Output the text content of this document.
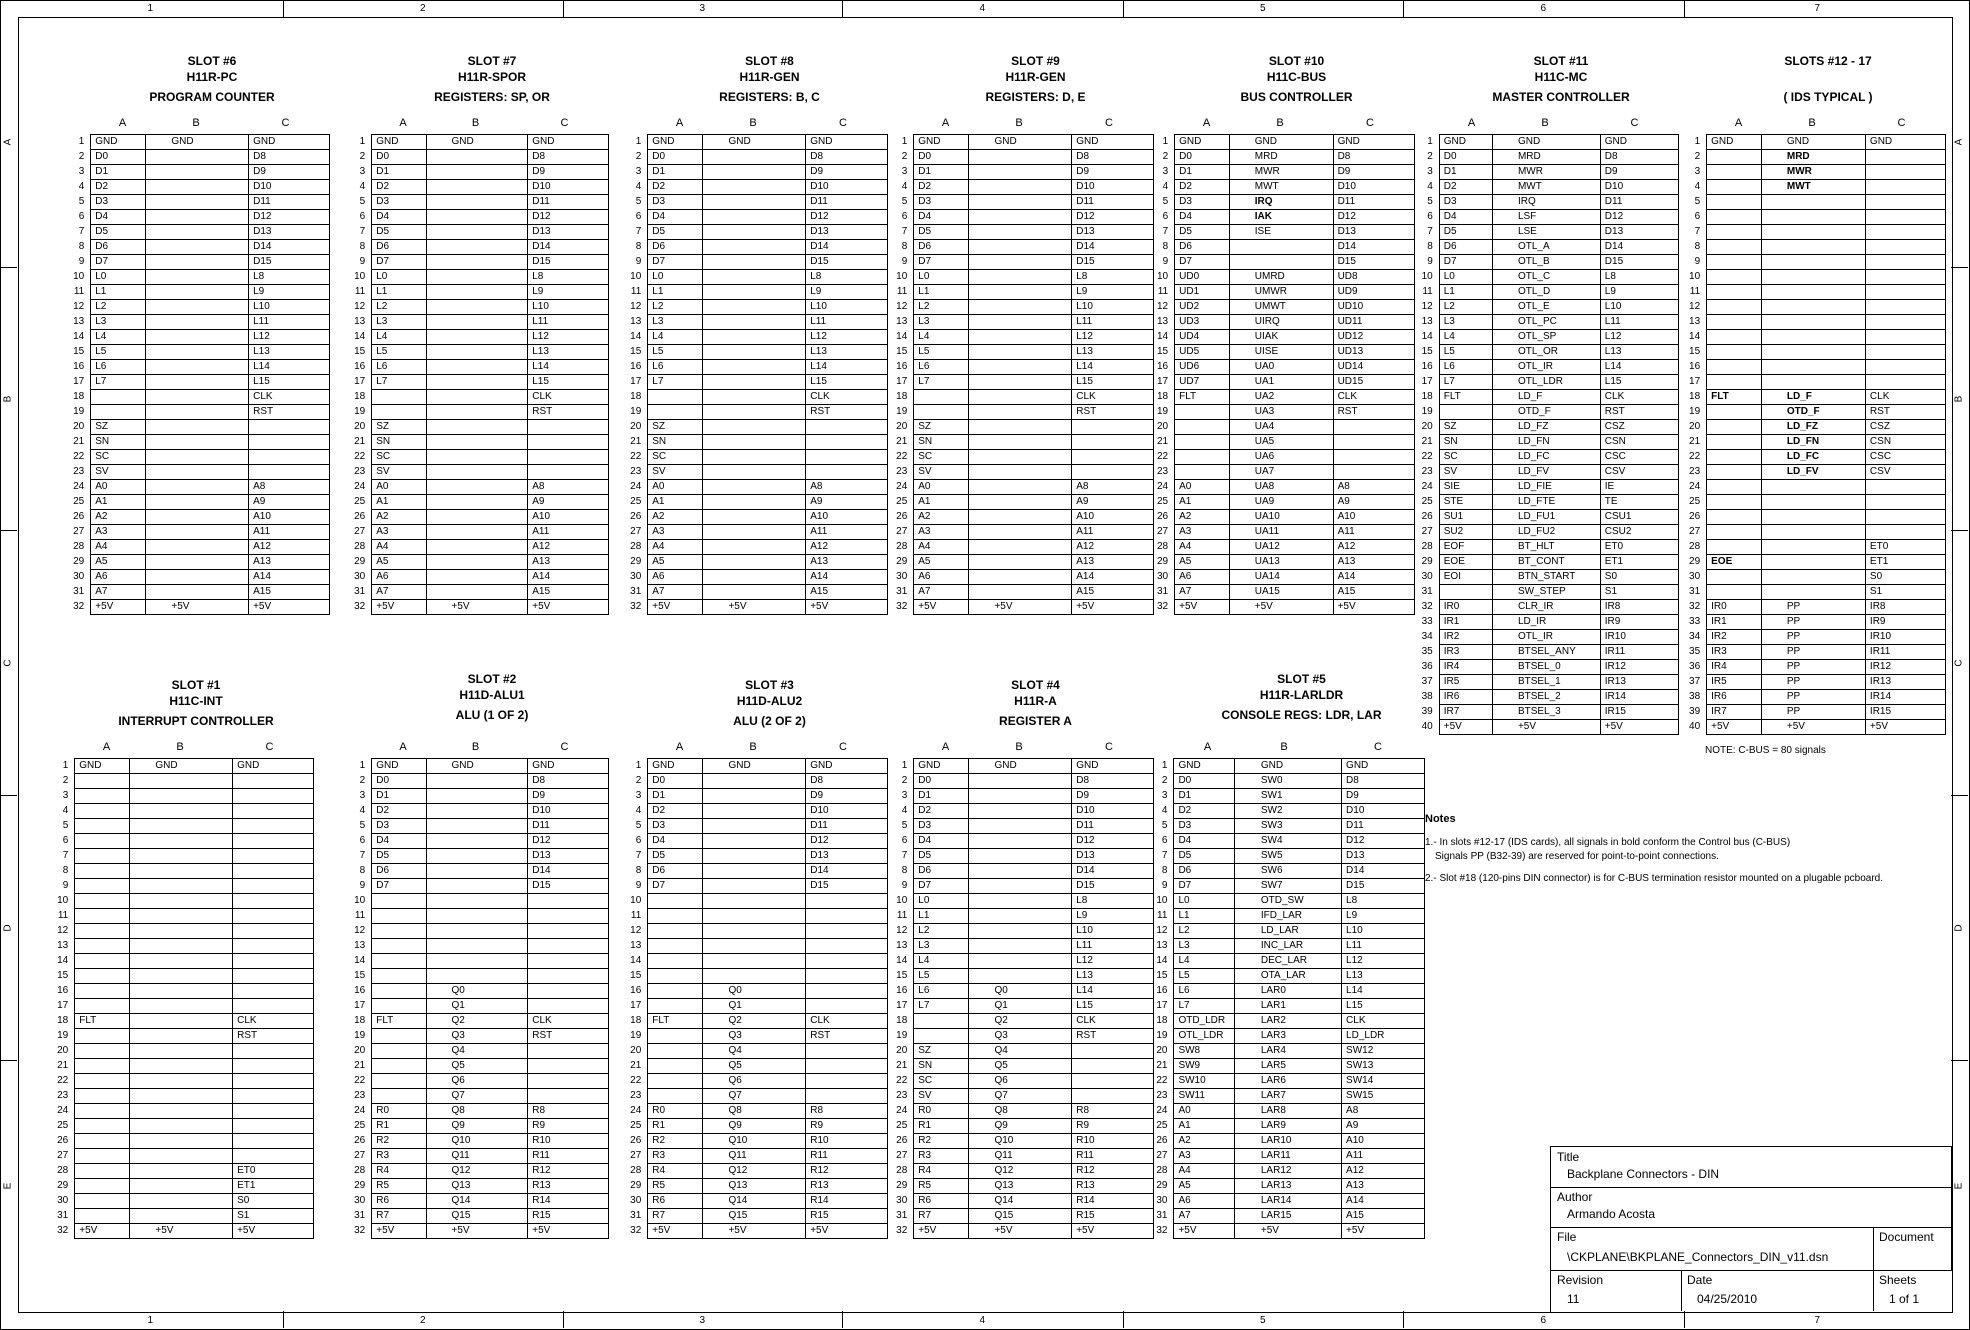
1
1
2
2
3
3
4
4
5
5
6
6
7
7
A	A
B	B
C	C
D	D
E	E
SLOT #6
H11R-PC
PROGRAM COUNTER
A	B	C
1	GND	GND	GND
2	D0		D8
3	D1		D9
4	D2		D10
5	D3		D11
6	D4		D12
7	D5		D13
8	D6		D14
9	D7		D15
10	L0		L8
11	L1		L9
12	L2		L10
13	L3		L11
14	L4		L12
15	L5		L13
16	L6		L14
17	L7		L15
18			CLK
19			RST
20	SZ		
21	SN		
22	SC		
23	SV		
24	A0		A8
25	A1		A9
26	A2		A10
27	A3		A11
28	A4		A12
29	A5		A13
30	A6		A14
31	A7		A15
32	+5V	+5V	+5V
SLOT #7
H11R-SPOR
REGISTERS: SP, OR
A	B	C
1	GND	GND	GND
2	D0		D8
3	D1		D9
4	D2		D10
5	D3		D11
6	D4		D12
7	D5		D13
8	D6		D14
9	D7		D15
10	L0		L8
11	L1		L9
12	L2		L10
13	L3		L11
14	L4		L12
15	L5		L13
16	L6		L14
17	L7		L15
18			CLK
19			RST
20	SZ		
21	SN		
22	SC		
23	SV		
24	A0		A8
25	A1		A9
26	A2		A10
27	A3		A11
28	A4		A12
29	A5		A13
30	A6		A14
31	A7		A15
32	+5V	+5V	+5V
SLOT #8
H11R-GEN
REGISTERS: B, C
A	B	C
1	GND	GND	GND
2	D0		D8
3	D1		D9
4	D2		D10
5	D3		D11
6	D4		D12
7	D5		D13
8	D6		D14
9	D7		D15
10	L0		L8
11	L1		L9
12	L2		L10
13	L3		L11
14	L4		L12
15	L5		L13
16	L6		L14
17	L7		L15
18			CLK
19			RST
20	SZ		
21	SN		
22	SC		
23	SV		
24	A0		A8
25	A1		A9
26	A2		A10
27	A3		A11
28	A4		A12
29	A5		A13
30	A6		A14
31	A7		A15
32	+5V	+5V	+5V
SLOT #9
H11R-GEN
REGISTERS: D, E
A	B	C
1	GND	GND	GND
2	D0		D8
3	D1		D9
4	D2		D10
5	D3		D11
6	D4		D12
7	D5		D13
8	D6		D14
9	D7		D15
10	L0		L8
11	L1		L9
12	L2		L10
13	L3		L11
14	L4		L12
15	L5		L13
16	L6		L14
17	L7		L15
18			CLK
19			RST
20	SZ		
21	SN		
22	SC		
23	SV		
24	A0		A8
25	A1		A9
26	A2		A10
27	A3		A11
28	A4		A12
29	A5		A13
30	A6		A14
31	A7		A15
32	+5V	+5V	+5V
SLOT #10
H11C-BUS
BUS CONTROLLER
A	B	C
1	GND	GND	GND
2	D0	MRD	D8
3	D1	MWR	D9
4	D2	MWT	D10
5	D3	IRQ	D11
6	D4	IAK	D12
7	D5	ISE	D13
8	D6		D14
9	D7		D15
10	UD0	UMRD	UD8
11	UD1	UMWR	UD9
12	UD2	UMWT	UD10
13	UD3	UIRQ	UD11
14	UD4	UIAK	UD12
15	UD5	UISE	UD13
16	UD6	UA0	UD14
17	UD7	UA1	UD15
18	FLT	UA2	CLK
19		UA3	RST
20		UA4	
21		UA5	
22		UA6	
23		UA7	
24	A0	UA8	A8
25	A1	UA9	A9
26	A2	UA10	A10
27	A3	UA11	A11
28	A4	UA12	A12
29	A5	UA13	A13
30	A6	UA14	A14
31	A7	UA15	A15
32	+5V	+5V	+5V
SLOT #11
H11C-MC
MASTER CONTROLLER
A	B	C
1	GND	GND	GND
2	D0	MRD	D8
3	D1	MWR	D9
4	D2	MWT	D10
5	D3	IRQ	D11
6	D4	LSF	D12
7	D5	LSE	D13
8	D6	OTL_A	D14
9	D7	OTL_B	D15
10	L0	OTL_C	L8
11	L1	OTL_D	L9
12	L2	OTL_E	L10
13	L3	OTL_PC	L11
14	L4	OTL_SP	L12
15	L5	OTL_OR	L13
16	L6	OTL_IR	L14
17	L7	OTL_LDR	L15
18	FLT	LD_F	CLK
19		OTD_F	RST
20	SZ	LD_FZ	CSZ
21	SN	LD_FN	CSN
22	SC	LD_FC	CSC
23	SV	LD_FV	CSV
24	SIE	LD_FIE	IE
25	STE	LD_FTE	TE
26	SU1	LD_FU1	CSU1
27	SU2	LD_FU2	CSU2
28	EOF	BT_HLT	ET0
29	EOE	BT_CONT	ET1
30	EOI	BTN_START	S0
31		SW_STEP	S1
32	IR0	CLR_IR	IR8
33	IR1	LD_IR	IR9
34	IR2	OTL_IR	IR10
35	IR3	BTSEL_ANY	IR11
36	IR4	BTSEL_0	IR12
37	IR5	BTSEL_1	IR13
38	IR6	BTSEL_2	IR14
39	IR7	BTSEL_3	IR15
40	+5V	+5V	+5V
SLOTS #12 - 17

( IDS TYPICAL )
A	B	C
1	GND	GND	GND
2		MRD	
3		MWR	
4		MWT	
5			
6			
7			
8			
9			
10			
11			
12			
13			
14			
15			
16			
17			
18	FLT	LD_F	CLK
19		OTD_F	RST
20		LD_FZ	CSZ
21		LD_FN	CSN
22		LD_FC	CSC
23		LD_FV	CSV
24			
25			
26			
27			
28			ET0
29	EOE		ET1
30			S0
31			S1
32	IR0	PP	IR8
33	IR1	PP	IR9
34	IR2	PP	IR10
35	IR3	PP	IR11
36	IR4	PP	IR12
37	IR5	PP	IR13
38	IR6	PP	IR14
39	IR7	PP	IR15
40	+5V	+5V	+5V
SLOT #1
H11C-INT
INTERRUPT CONTROLLER
A	B	C
1	GND	GND	GND
2			
3			
4			
5			
6			
7			
8			
9			
10			
11			
12			
13			
14			
15			
16			
17			
18	FLT		CLK
19			RST
20			
21			
22			
23			
24			
25			
26			
27			
28			ET0
29			ET1
30			S0
31			S1
32	+5V	+5V	+5V
SLOT #2
H11D-ALU1
ALU (1 OF 2)
A	B	C
1	GND	GND	GND
2	D0		D8
3	D1		D9
4	D2		D10
5	D3		D11
6	D4		D12
7	D5		D13
8	D6		D14
9	D7		D15
10			
11			
12			
13			
14			
15			
16		Q0	
17		Q1	
18	FLT	Q2	CLK
19		Q3	RST
20		Q4	
21		Q5	
22		Q6	
23		Q7	
24	R0	Q8	R8
25	R1	Q9	R9
26	R2	Q10	R10
27	R3	Q11	R11
28	R4	Q12	R12
29	R5	Q13	R13
30	R6	Q14	R14
31	R7	Q15	R15
32	+5V	+5V	+5V
SLOT #3
H11D-ALU2
ALU (2 OF 2)
A	B	C
1	GND	GND	GND
2	D0		D8
3	D1		D9
4	D2		D10
5	D3		D11
6	D4		D12
7	D5		D13
8	D6		D14
9	D7		D15
10			
11			
12			
13			
14			
15			
16		Q0	
17		Q1	
18	FLT	Q2	CLK
19		Q3	RST
20		Q4	
21		Q5	
22		Q6	
23		Q7	
24	R0	Q8	R8
25	R1	Q9	R9
26	R2	Q10	R10
27	R3	Q11	R11
28	R4	Q12	R12
29	R5	Q13	R13
30	R6	Q14	R14
31	R7	Q15	R15
32	+5V	+5V	+5V
SLOT #4
H11R-A
REGISTER A
A	B	C
1	GND	GND	GND
2	D0		D8
3	D1		D9
4	D2		D10
5	D3		D11
6	D4		D12
7	D5		D13
8	D6		D14
9	D7		D15
10	L0		L8
11	L1		L9
12	L2		L10
13	L3		L11
14	L4		L12
15	L5		L13
16	L6	Q0	L14
17	L7	Q1	L15
18		Q2	CLK
19		Q3	RST
20	SZ	Q4	
21	SN	Q5	
22	SC	Q6	
23	SV	Q7	
24	R0	Q8	R8
25	R1	Q9	R9
26	R2	Q10	R10
27	R3	Q11	R11
28	R4	Q12	R12
29	R5	Q13	R13
30	R6	Q14	R14
31	R7	Q15	R15
32	+5V	+5V	+5V
SLOT #5
H11R-LARLDR
CONSOLE REGS: LDR, LAR
A	B	C
1	GND	GND	GND
2	D0	SW0	D8
3	D1	SW1	D9
4	D2	SW2	D10
5	D3	SW3	D11
6	D4	SW4	D12
7	D5	SW5	D13
8	D6	SW6	D14
9	D7	SW7	D15
10	L0	OTD_SW	L8
11	L1	IFD_LAR	L9
12	L2	LD_LAR	L10
13	L3	INC_LAR	L11
14	L4	DEC_LAR	L12
15	L5	OTA_LAR	L13
16	L6	LAR0	L14
17	L7	LAR1	L15
18	OTD_LDR	LAR2	CLK
19	OTL_LDR	LAR3	LD_LDR
20	SW8	LAR4	SW12
21	SW9	LAR5	SW13
22	SW10	LAR6	SW14
23	SW11	LAR7	SW15
24	A0	LAR8	A8
25	A1	LAR9	A9
26	A2	LAR10	A10
27	A3	LAR11	A11
28	A4	LAR12	A12
29	A5	LAR13	A13
30	A6	LAR14	A14
31	A7	LAR15	A15
32	+5V	+5V	+5V
NOTE: C-BUS = 80 signals
Notes
1.- In slots #12-17 (IDS cards), all signals in bold conform the Control bus (C-BUS)
Signals PP (B32-39) are reserved for point-to-point connections.
2.- Slot #18 (120-pins DIN connector) is for C-BUS termination resistor mounted on a plugable pcboard.
Title
Backplane Connectors - DIN
Author
Armando Acosta
File
\CKPLANE\BKPLANE_Connectors_DIN_v11.dsn
Document
Revision
11
Date
04/25/2010
Sheets
1 of 1
